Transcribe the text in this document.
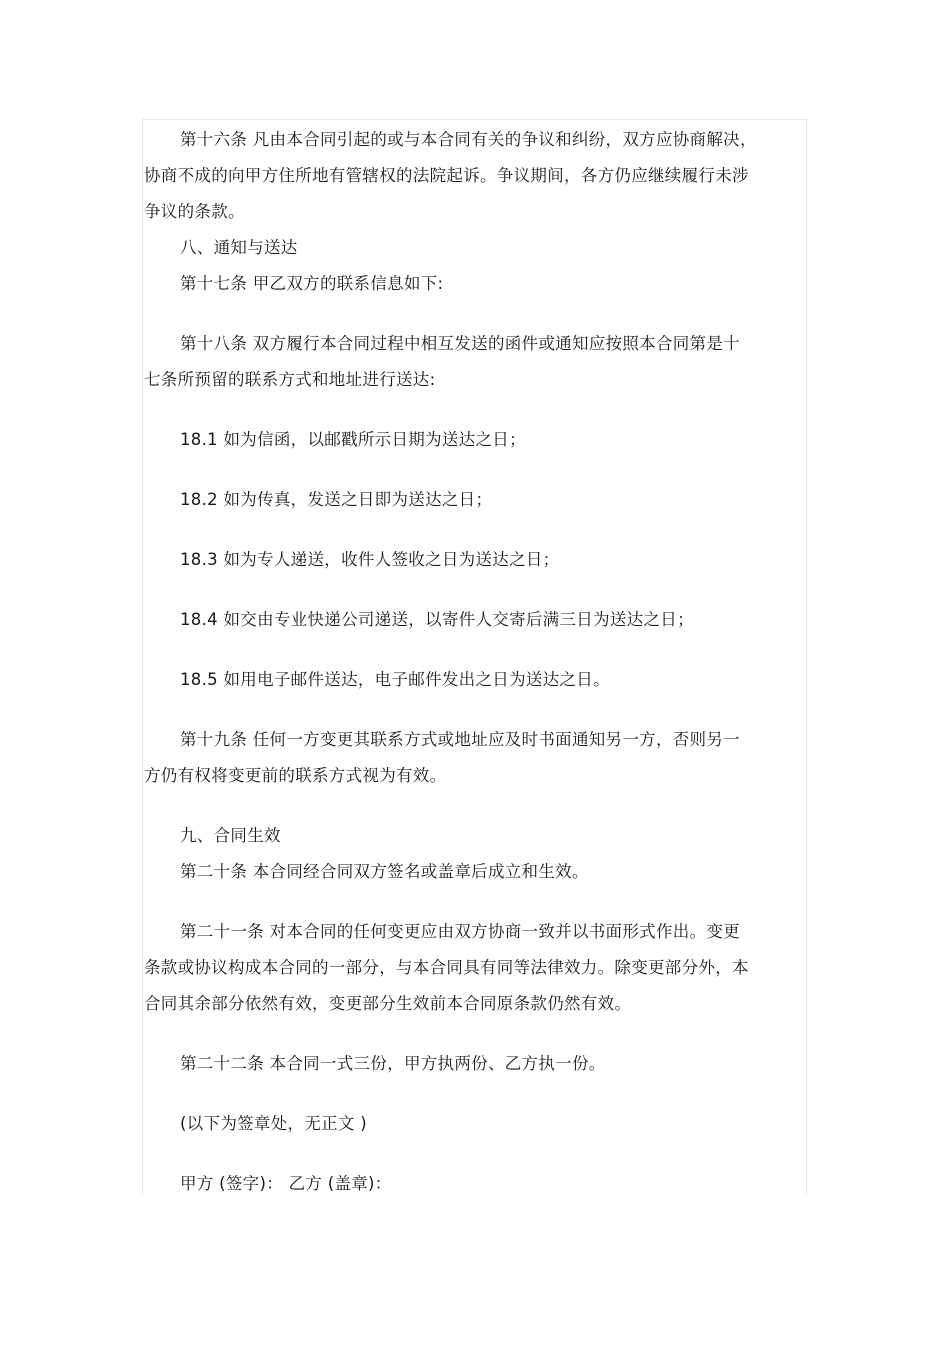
第十六条 凡由本合同引起的或与本合同有关的争议和纠纷，双方应协商解决，
协商不成的向甲方住所地有管辖权的法院起诉。争议期间，各方仍应继续履行未涉
争议的条款。
八、通知与送达
第十七条 甲乙双方的联系信息如下:
第十八条 双方履行本合同过程中相互发送的函件或通知应按照本合同第是十
七条所预留的联系方式和地址进行送达:
18.1 如为信函，以邮戳所示日期为送达之日；
18.2 如为传真，发送之日即为送达之日；
18.3 如为专人递送，收件人签收之日为送达之日；
18.4 如交由专业快递公司递送，以寄件人交寄后满三日为送达之日；
18.5 如用电子邮件送达，电子邮件发出之日为送达之日。
第十九条 任何一方变更其联系方式或地址应及时书面通知另一方，否则另一
方仍有权将变更前的联系方式视为有效。
九、合同生效
第二十条 本合同经合同双方签名或盖章后成立和生效。
第二十一条 对本合同的任何变更应由双方协商一致并以书面形式作出。变更
条款或协议构成本合同的一部分，与本合同具有同等法律效力。除变更部分外，本
合同其余部分依然有效，变更部分生效前本合同原条款仍然有效。
第二十二条 本合同一式三份，甲方执两份、乙方执一份。
(以下为签章处，无正文 )
甲方 (签字)： 乙方 (盖章)：
